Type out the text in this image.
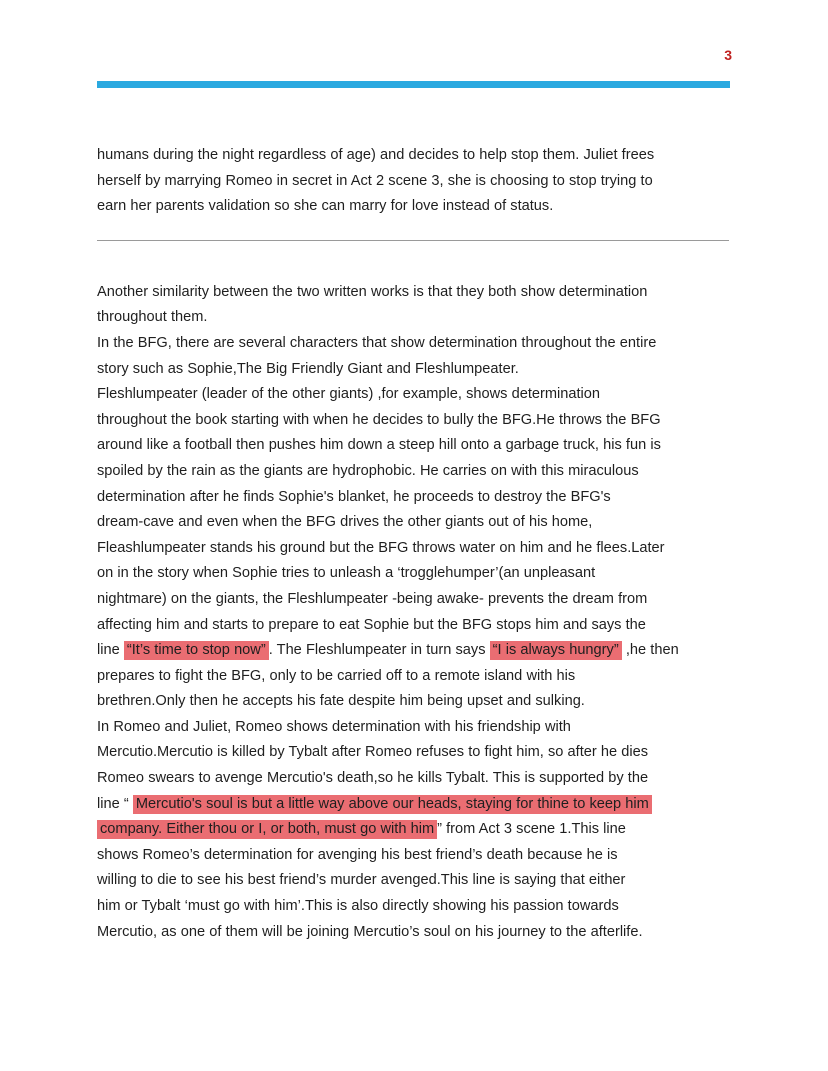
3

humans during the night regardless of age) and decides to help stop them. Juliet frees
herself by marrying Romeo in secret in Act 2 scene 3, she is choosing to stop trying to
earn her parents validation so she can marry for love instead of status.

Another similarity between the two written works is that they both show determination
throughout them.
In the BFG, there are several characters that show determination throughout the entire
story such as Sophie,The Big Friendly Giant and Fleshlumpeater.

Fleshlumpeater (leader of the other giants) ,for example, shows determination
throughout the book starting with when he decides to bully the BFG.He throws the BFG
around like a football then pushes him down a steep hill onto a garbage truck, his fun is
spoiled by the rain as the giants are hydrophobic. He carries on with this miraculous
determination after he finds Sophie's blanket, he proceeds to destroy the BFG's
dream-cave and even when the BFG drives the other giants out of his home,
Fleashlumpeater stands his ground but the BFG throws water on him and he flees.Later
on in the story when Sophie tries to unleash a ‘trogglehumper’(an unpleasant
nightmare) on the giants, the Fleshlumpeater -being awake- prevents the dream from
affecting him and starts to prepare to eat Sophie but the BFG stops him and says the
line “It’s time to stop now” . The Fleshlumpeater in turn says “I is always hungry” ,he then
prepares to fight the BFG, only to be carried off to a remote island with his
brethren.Only then he accepts his fate despite him being upset and sulking.

In Romeo and Juliet, Romeo shows determination with his friendship with
Mercutio.Mercutio is killed by Tybalt after Romeo refuses to fight him, so after he dies
Romeo swears to avenge Mercutio's death,so he kills Tybalt. This is supported by the
line “ Mercutio's soul is but a little way above our heads, staying for thine to keep him
company. Either thou or I, or both, must go with him ” from Act 3 scene 1.This line
shows Romeo’s determination for avenging his best friend’s death because he is
willing to die to see his best friend’s murder avenged.This line is saying that either
him or Tybalt ‘must go with him’.This is also directly showing his passion towards
Mercutio, as one of them will be joining Mercutio’s soul on his journey to the afterlife.
